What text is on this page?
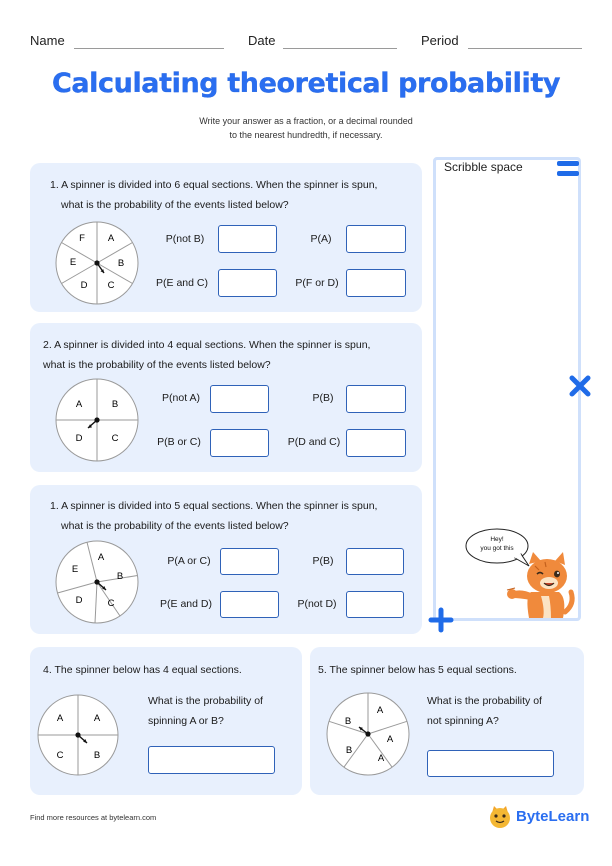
Name	Date	Period
Calculating theoretical probability
Write your answer as a fraction, or a decimal rounded
to the nearest hundredth, if necessary.
1. A spinner is divided into 6 equal sections. When the spinner is spun,
what is the probability of the events listed below?
A
B
C
D
E
F	P(not B)	P(A)
P(E and C)	P(F or D)
2. A spinner is divided into 4 equal sections. When the spinner is spun,
what is the probability of the events listed below?
A	B
C
D
P(not A)	P(B)
P(B or C)	P(D and C)
1. A spinner is divided into 5 equal sections. When the spinner is spun,
what is the probability of the events listed below?
A
B
C
D
E
P(A or C)	P(B)
P(E and D)	P(not D)
4. The spinner below has 4 equal sections.
A	A
B
C
What is the probability of
spinning A or B?
5. The spinner below has 5 equal sections.
A
A
A
B
B
What is the probability of
not spinning A?
Scribble space
Hey!
you got this
Find more resources at bytelearn.com	ByteLearn
